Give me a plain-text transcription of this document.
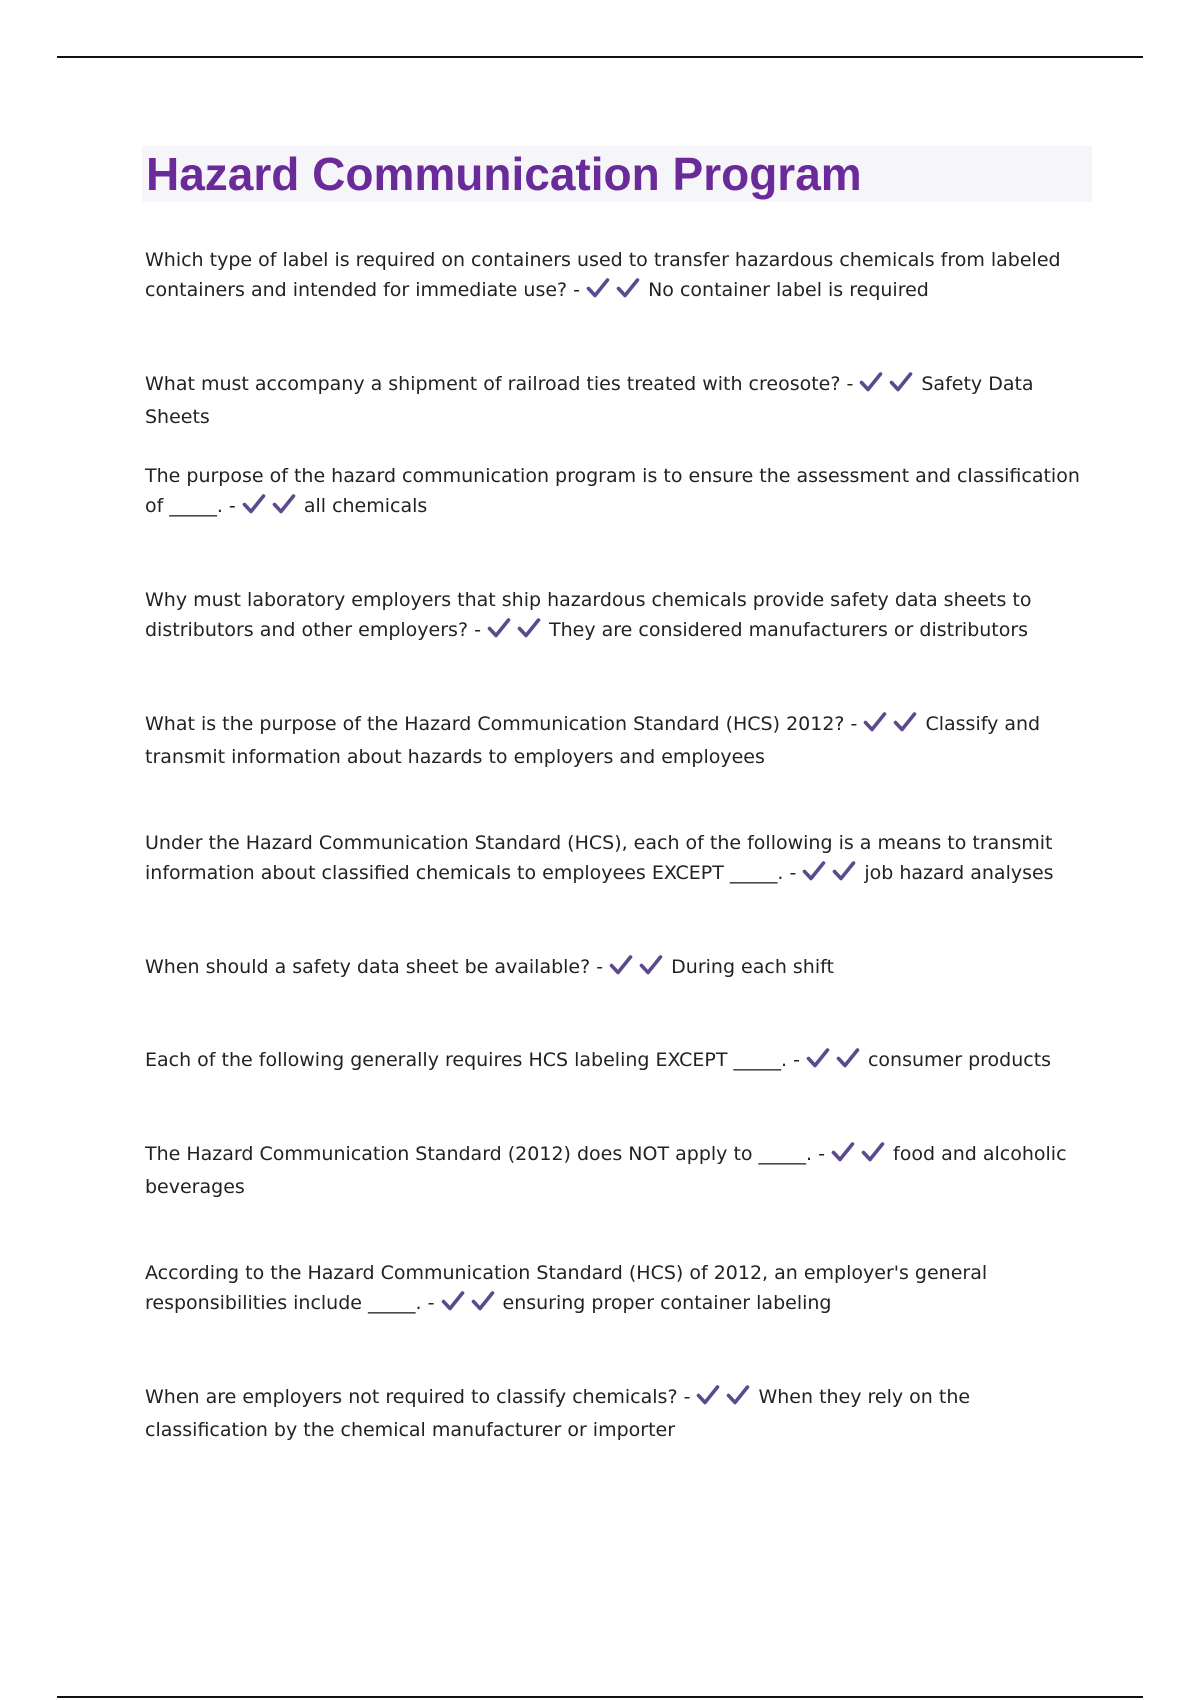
Hazard Communication Program
Which type of label is required on containers used to transfer hazardous chemicals from labeled containers and intended for immediate use? -	No container label is required
What must accompany a shipment of railroad ties treated with creosote? -	Safety Data Sheets
The purpose of the hazard communication program is to ensure the assessment and classification of _____. -	all chemicals
Why must laboratory employers that ship hazardous chemicals provide safety data sheets to distributors and other employers? -	They are considered manufacturers or distributors
What is the purpose of the Hazard Communication Standard (HCS) 2012? -	Classify and transmit information about hazards to employers and employees
Under the Hazard Communication Standard (HCS), each of the following is a means to transmit information about classified chemicals to employees EXCEPT _____. -	job hazard analyses
When should a safety data sheet be available? -	During each shift
Each of the following generally requires HCS labeling EXCEPT _____. -	consumer products
The Hazard Communication Standard (2012) does NOT apply to _____. -	food and alcoholic beverages
According to the Hazard Communication Standard (HCS) of 2012, an employer's general responsibilities include _____. -	ensuring proper container labeling
When are employers not required to classify chemicals? -	When they rely on the classification by the chemical manufacturer or importer
